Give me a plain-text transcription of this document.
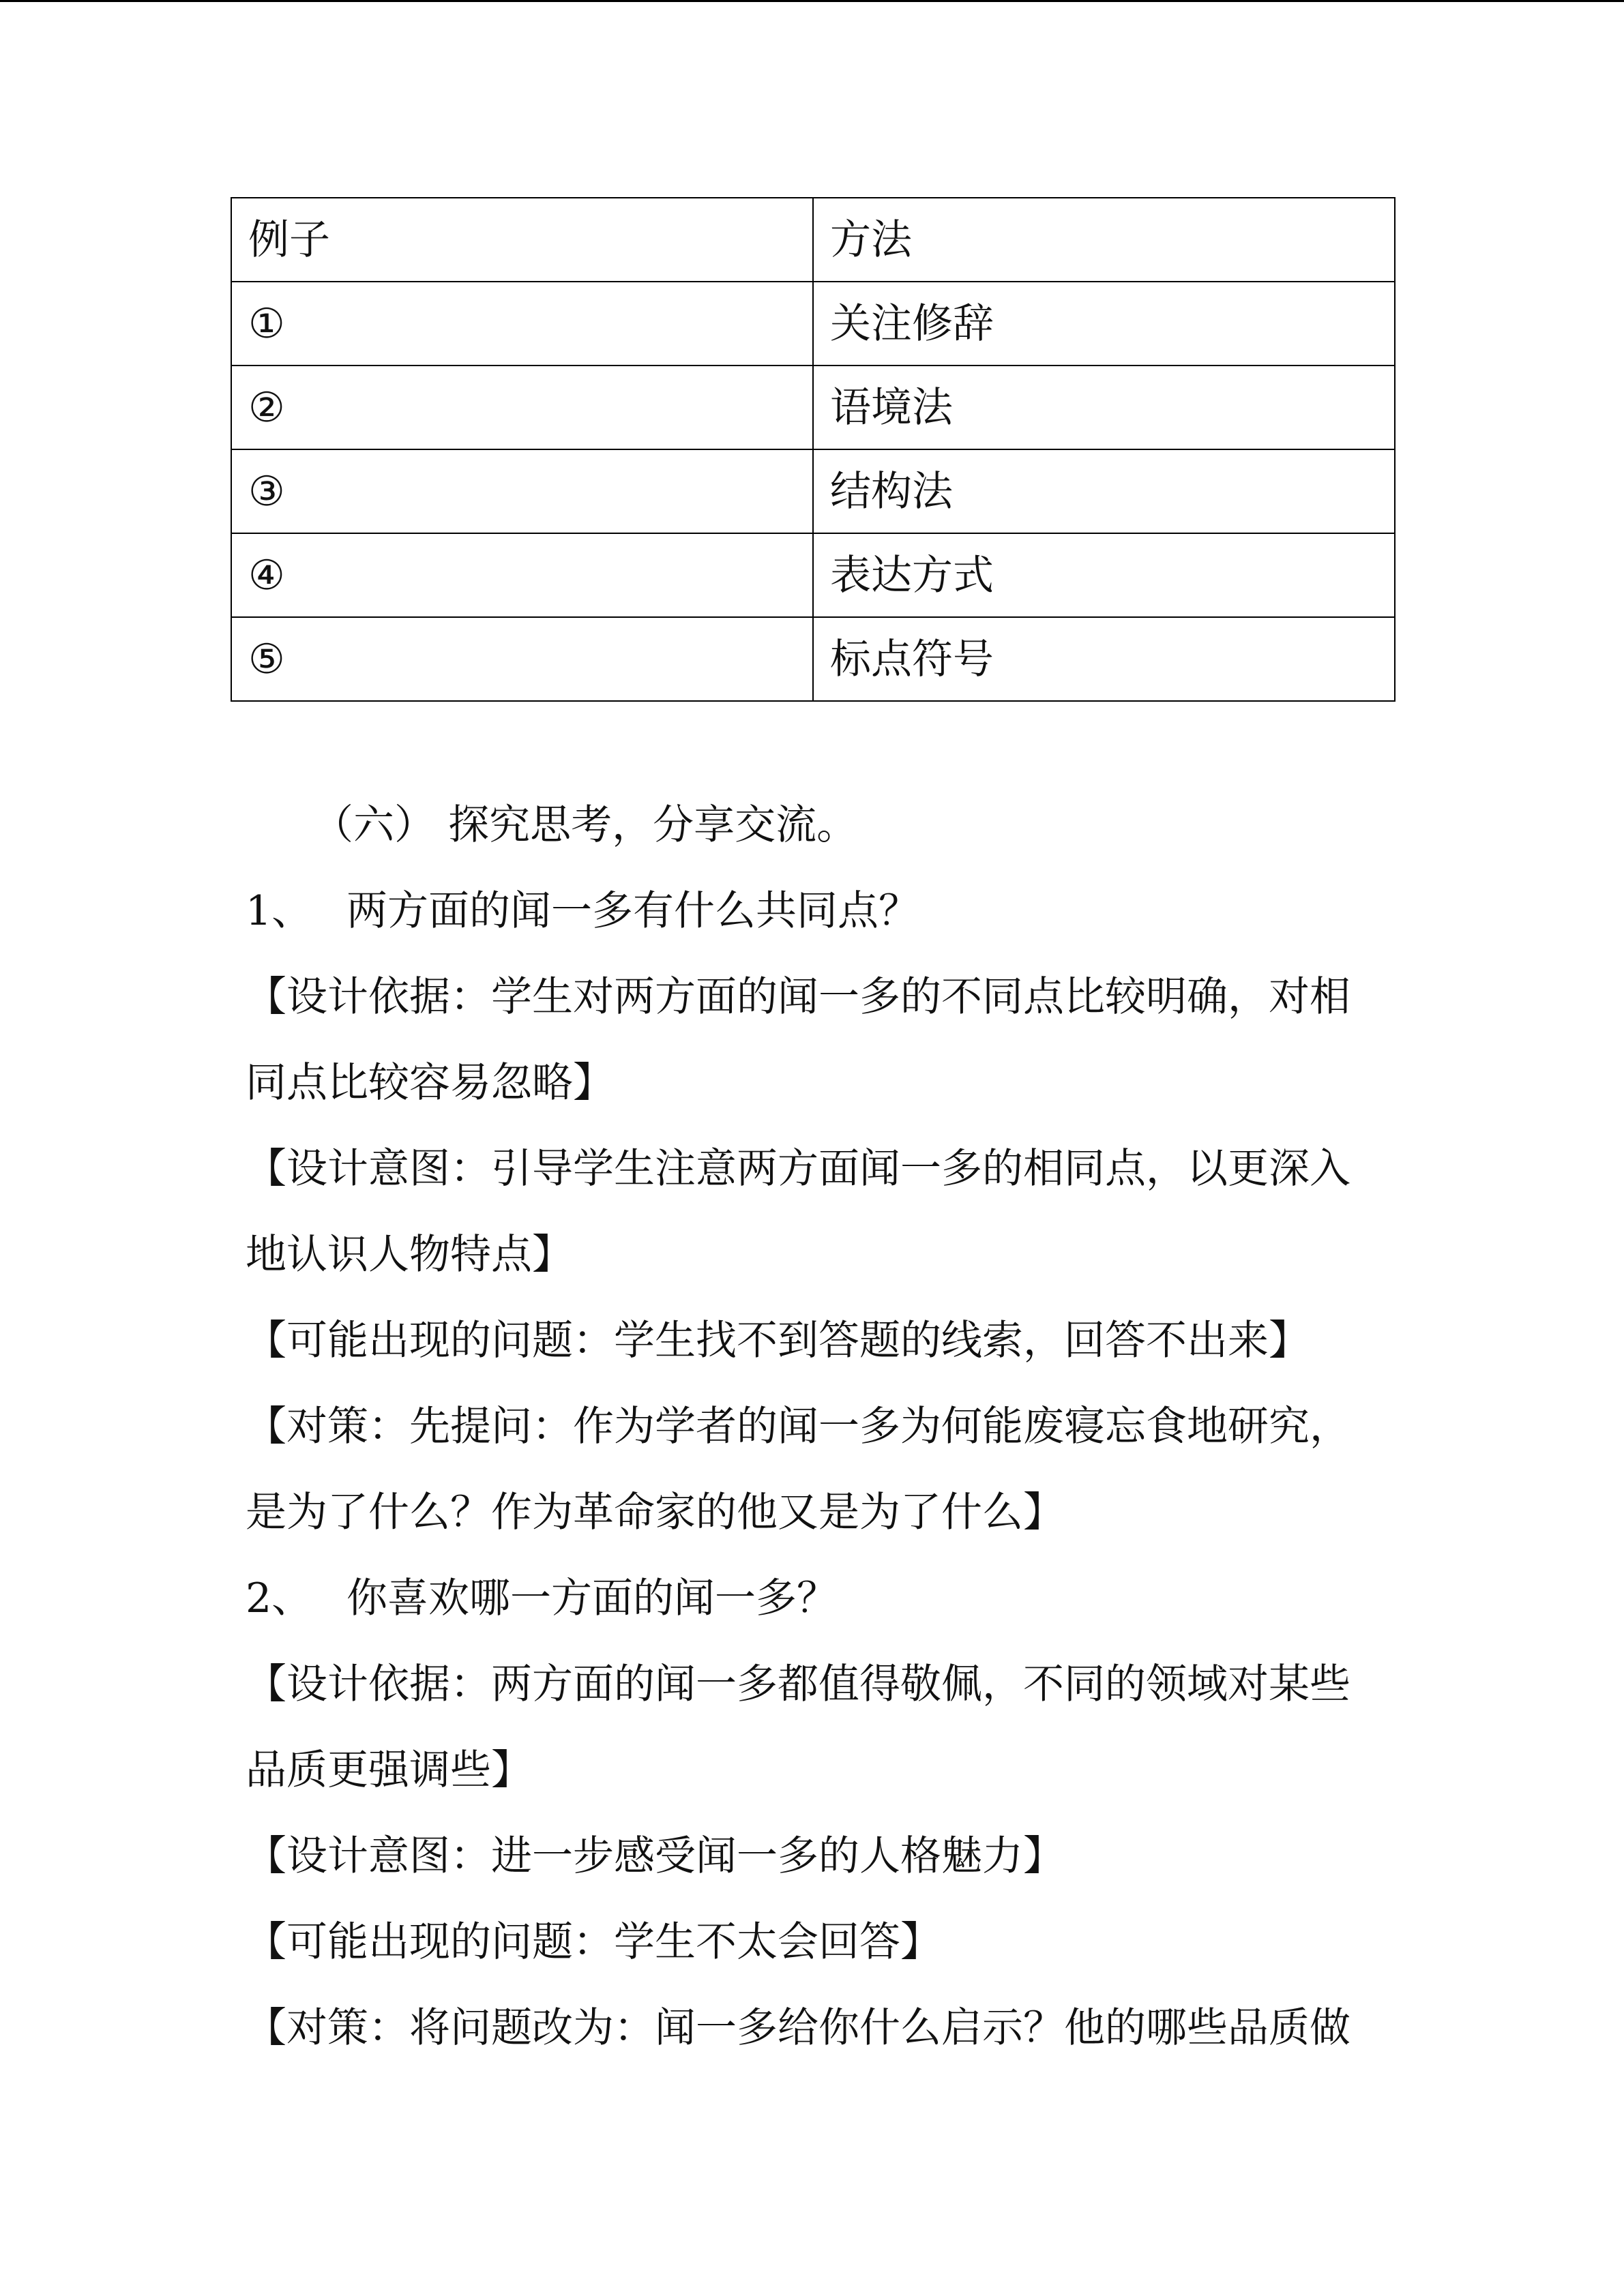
例子	方法
①	关注修辞
②	语境法
③	结构法
④	表达方式
⑤	标点符号
（六） 探究思考，分享交流。
1、 两方面的闻一多有什么共同点？
【设计依据：学生对两方面的闻一多的不同点比较明确，对相
同点比较容易忽略】
【设计意图：引导学生注意两方面闻一多的相同点，以更深入
地认识人物特点】
【可能出现的问题：学生找不到答题的线索，回答不出来】
【对策：先提问：作为学者的闻一多为何能废寝忘食地研究，
是为了什么？作为革命家的他又是为了什么】
2、 你喜欢哪一方面的闻一多？
【设计依据：两方面的闻一多都值得敬佩，不同的领域对某些
品质更强调些】
【设计意图：进一步感受闻一多的人格魅力】
【可能出现的问题：学生不太会回答】
【对策：将问题改为：闻一多给你什么启示？他的哪些品质做
